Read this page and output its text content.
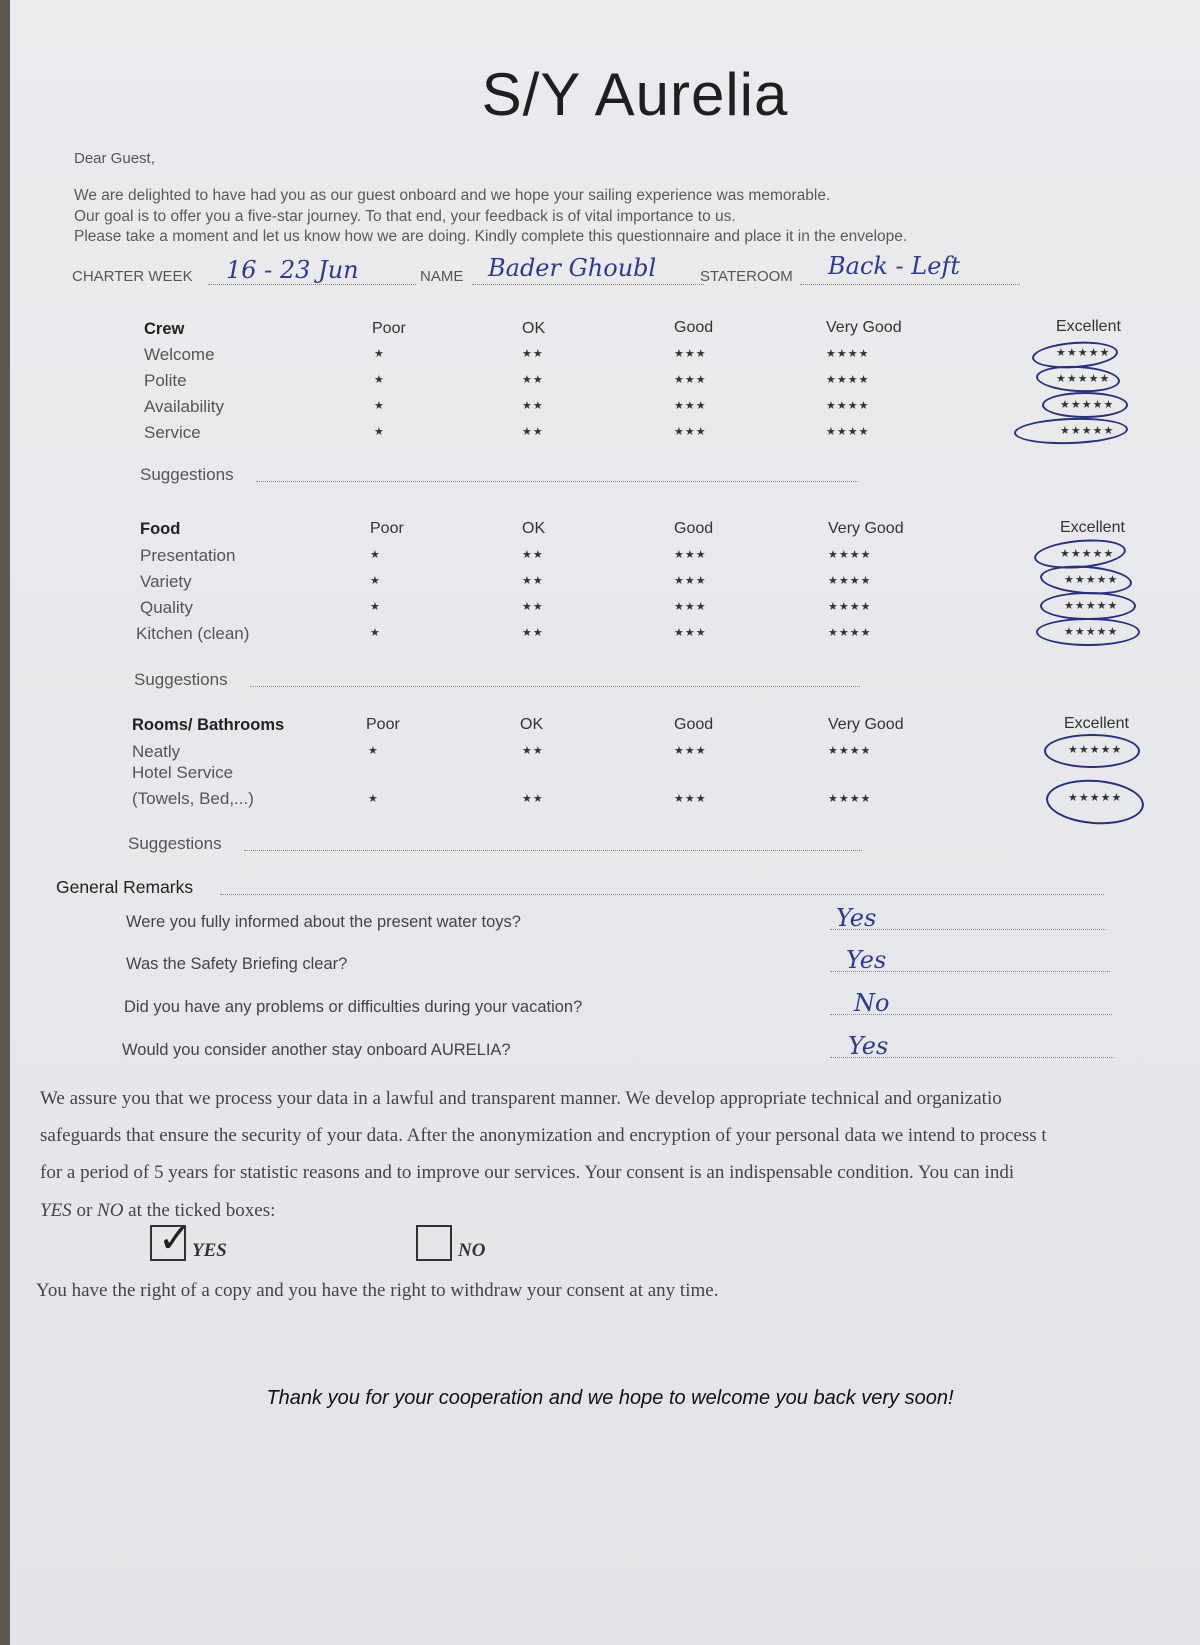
S/Y Aurelia
Dear Guest,
We are delighted to have had you as our guest onboard and we hope your sailing experience was memorable.
Our goal is to offer you a five-star journey. To that end, your feedback is of vital importance to us.
Please take a moment and let us know how we are doing. Kindly complete this questionnaire and place it in the envelope.
CHARTER WEEK 16 - 23 Jun	NAME Bader Ghoubl	STATEROOM Back - Left
Crew	Poor	OK	Good	Very Good	Excellent
Welcome	★	★★	★★★	★★★★	★★★★★
Polite	★	★★	★★★	★★★★	★★★★★
Availability	★	★★	★★★	★★★★	★★★★★
Service	★	★★	★★★	★★★★	★★★★★
Suggestions
Food	Poor	OK	Good	Very Good	Excellent
Presentation	★	★★	★★★	★★★★	★★★★★
Variety	★	★★	★★★	★★★★	★★★★★
Quality	★	★★	★★★	★★★★	★★★★★
Kitchen (clean)	★	★★	★★★	★★★★	★★★★★
Suggestions
Rooms/ Bathrooms	Poor	OK	Good	Very Good	Excellent
Neatly	★	★★	★★★	★★★★	★★★★★
Hotel Service
(Towels, Bed,...)	★	★★	★★★	★★★★	★★★★★
Suggestions
General Remarks
Were you fully informed about the present water toys?	Yes
Was the Safety Briefing clear?	Yes
Did you have any problems or difficulties during your vacation?	No
Would you consider another stay onboard AURELIA?	Yes
We assure you that we process your data in a lawful and transparent manner. We develop appropriate technical and organizatio
safeguards that ensure the security of your data. After the anonymization and encryption of your personal data we intend to process t
for a period of 5 years for statistic reasons and to improve our services. Your consent is an indispensable condition. You can indi
YES or NO at the ticked boxes:
✓ YES	NO
You have the right of a copy and you have the right to withdraw your consent at any time.
Thank you for your cooperation and we hope to welcome you back very soon!
